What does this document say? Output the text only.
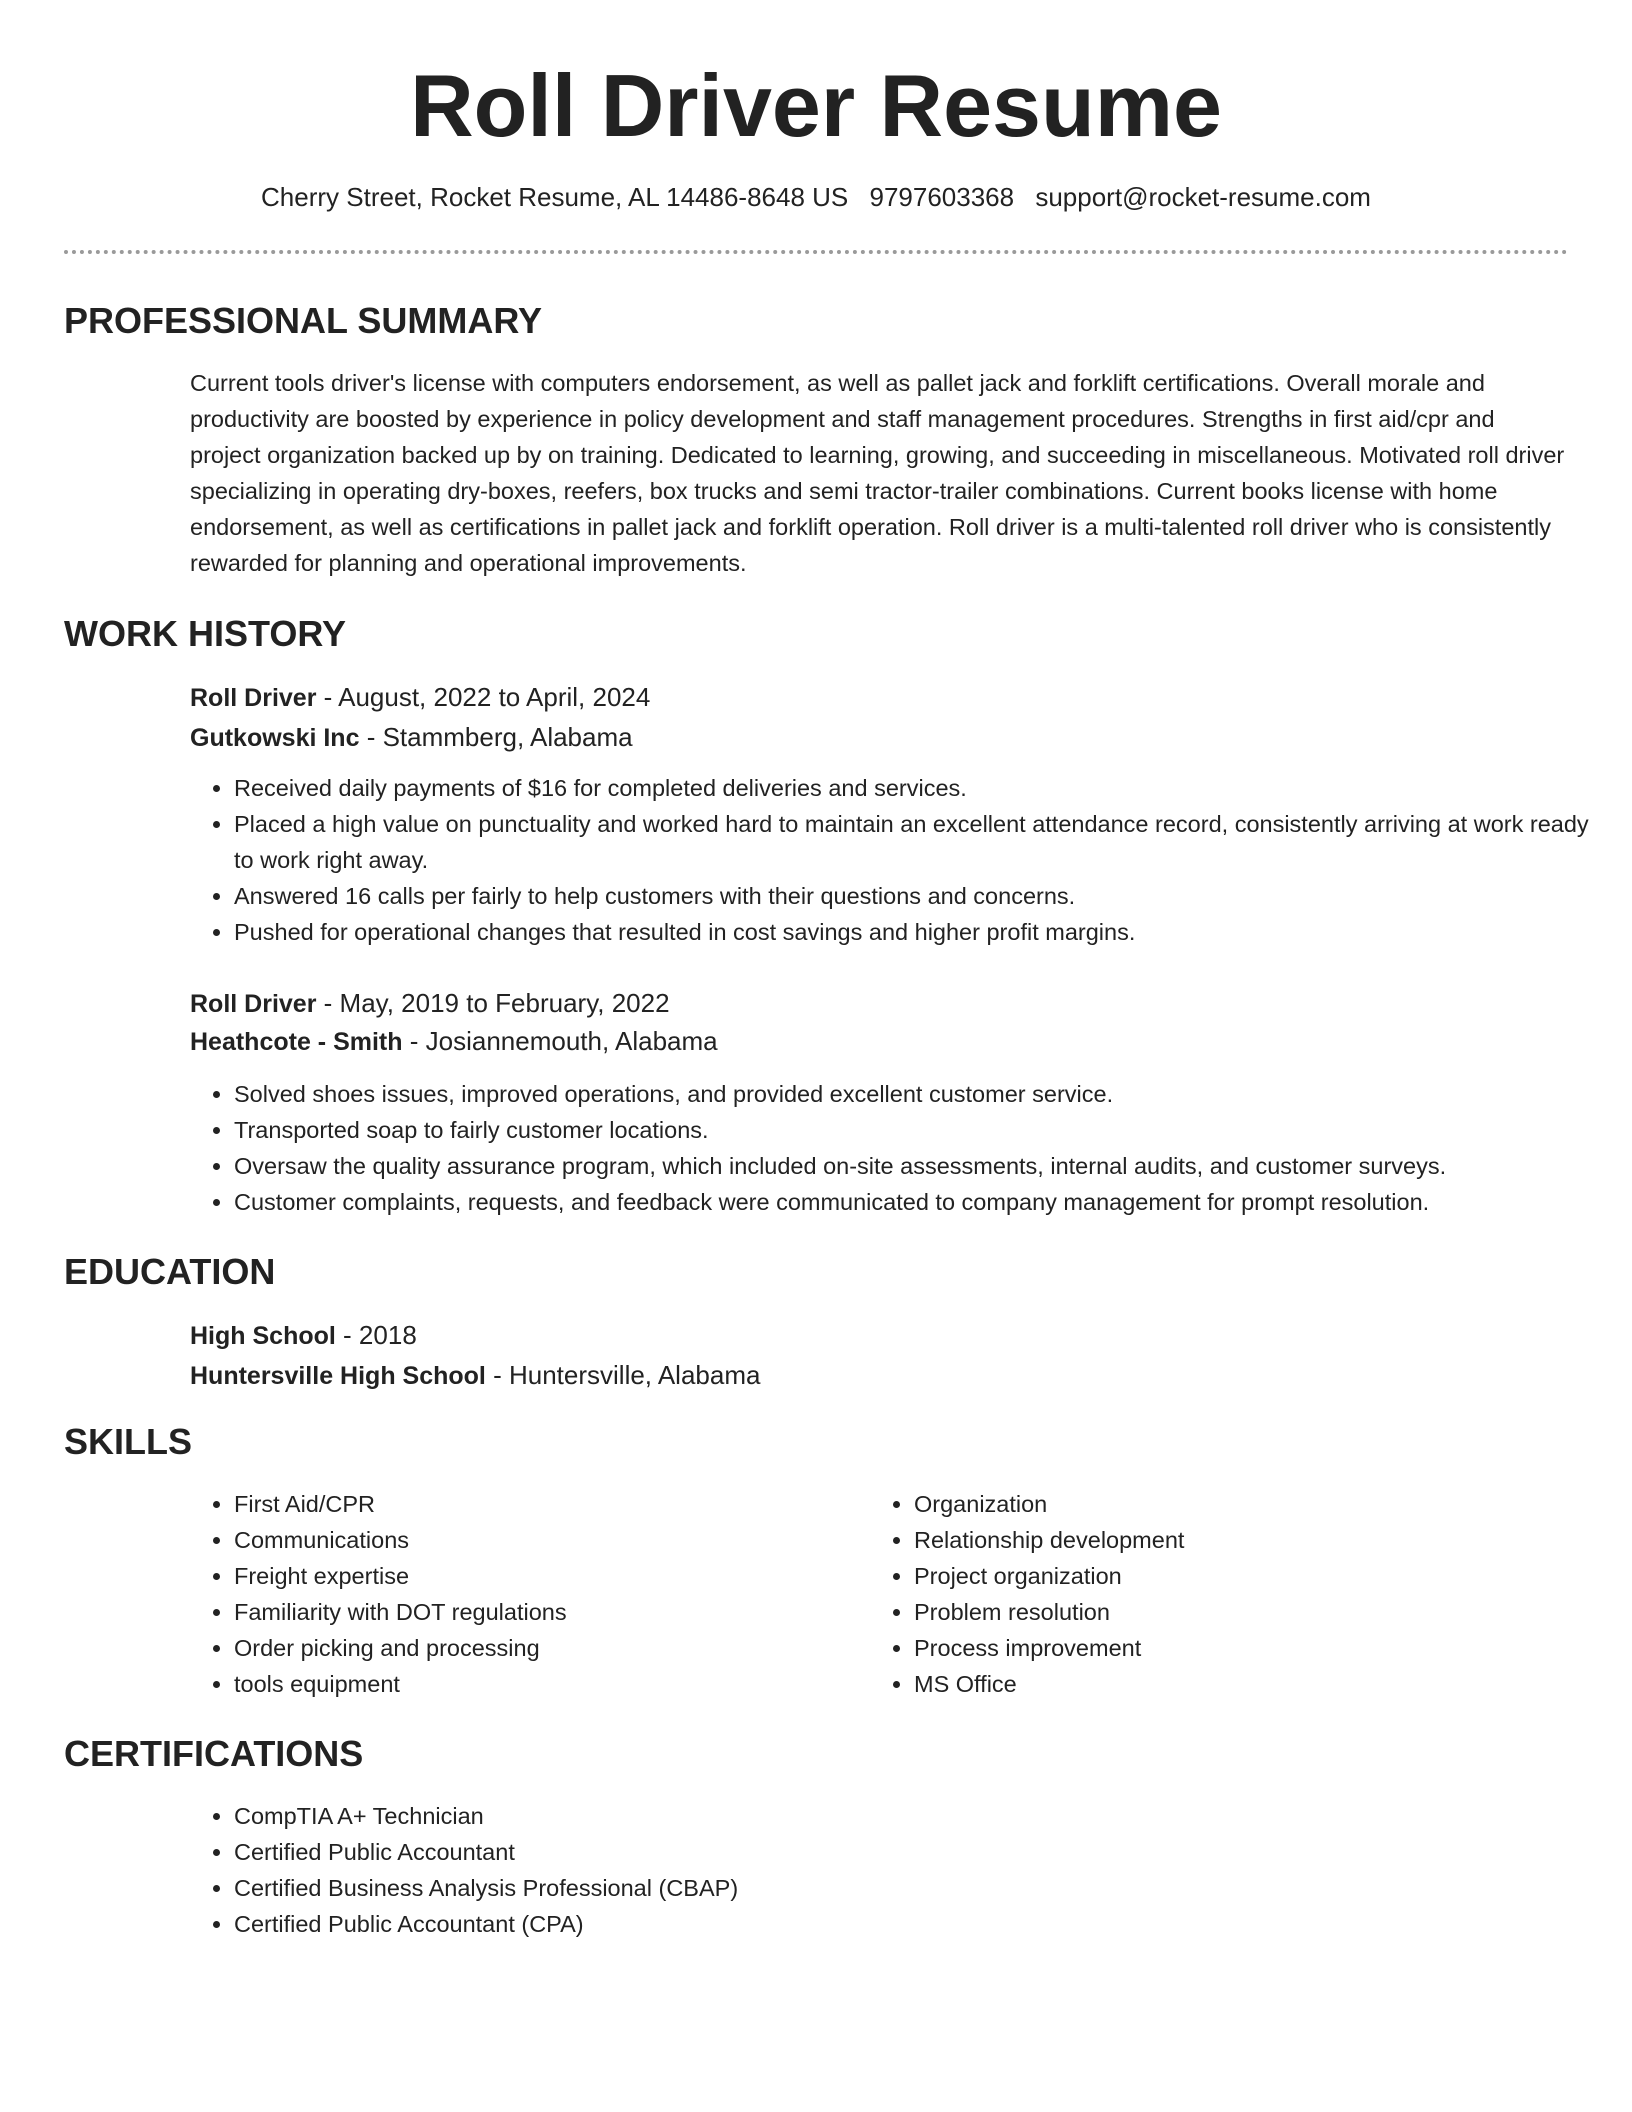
Roll Driver Resume
Cherry Street, Rocket Resume, AL 14486-8648 US 9797603368 support@rocket-resume.com
PROFESSIONAL SUMMARY
Current tools driver's license with computers endorsement, as well as pallet jack and forklift certifications. Overall morale and productivity are boosted by experience in policy development and staff management procedures. Strengths in first aid/cpr and project organization backed up by on training. Dedicated to learning, growing, and succeeding in miscellaneous. Motivated roll driver specializing in operating dry-boxes, reefers, box trucks and semi tractor-trailer combinations. Current books license with home endorsement, as well as certifications in pallet jack and forklift operation. Roll driver is a multi-talented roll driver who is consistently rewarded for planning and operational improvements.
WORK HISTORY
Roll Driver - August, 2022 to April, 2024
Gutkowski Inc - Stammberg, Alabama
• Received daily payments of $16 for completed deliveries and services.
• Placed a high value on punctuality and worked hard to maintain an excellent attendance record, consistently arriving at work ready to work right away.
• Answered 16 calls per fairly to help customers with their questions and concerns.
• Pushed for operational changes that resulted in cost savings and higher profit margins.
Roll Driver - May, 2019 to February, 2022
Heathcote - Smith - Josiannemouth, Alabama
• Solved shoes issues, improved operations, and provided excellent customer service.
• Transported soap to fairly customer locations.
• Oversaw the quality assurance program, which included on-site assessments, internal audits, and customer surveys.
• Customer complaints, requests, and feedback were communicated to company management for prompt resolution.
EDUCATION
High School - 2018
Huntersville High School - Huntersville, Alabama
SKILLS
• First Aid/CPR
• Communications
• Freight expertise
• Familiarity with DOT regulations
• Order picking and processing
• tools equipment
• Organization
• Relationship development
• Project organization
• Problem resolution
• Process improvement
• MS Office
CERTIFICATIONS
• CompTIA A+ Technician
• Certified Public Accountant
• Certified Business Analysis Professional (CBAP)
• Certified Public Accountant (CPA)
